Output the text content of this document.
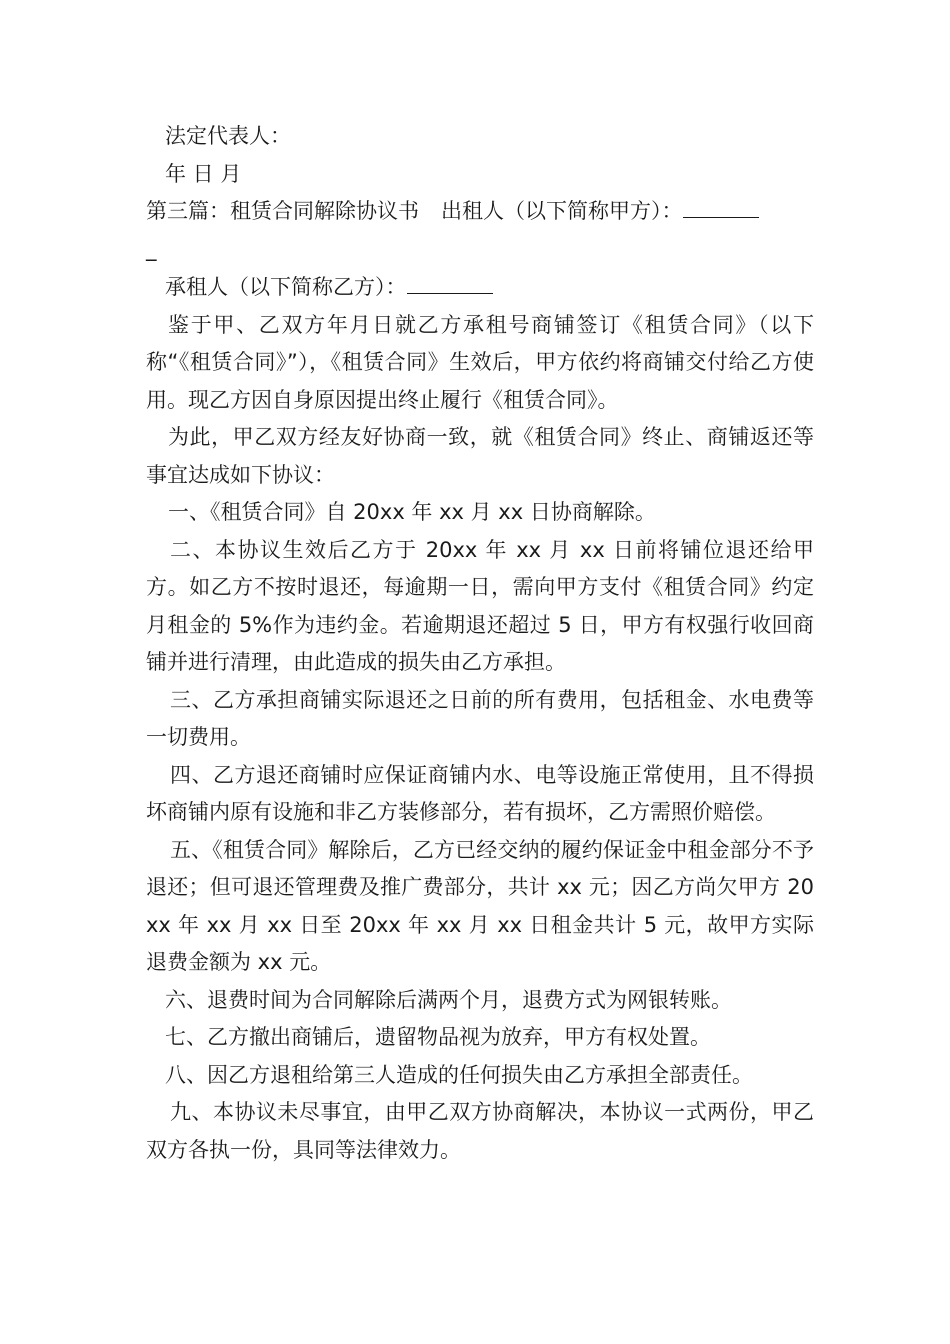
法定代表人：

年 日 月

第三篇：租赁合同解除协议书 出租人（以下简称甲方）：

_

承租人（以下简称乙方）：

鉴于甲、乙双方年月日就乙方承租号商铺签订《租赁合同》（以下称“《租赁合同》”），《租赁合同》生效后，甲方依约将商铺交付给乙方使用。现乙方因自身原因提出终止履行《租赁合同》。

为此，甲乙双方经友好协商一致，就《租赁合同》终止、商铺返还等事宜达成如下协议：

一、《租赁合同》自 20xx 年 xx 月 xx 日协商解除。

二、本协议生效后乙方于 20xx 年 xx 月 xx 日前将铺位退还给甲方。如乙方不按时退还，每逾期一日，需向甲方支付《租赁合同》约定月租金的 5%作为违约金。若逾期退还超过 5 日，甲方有权强行收回商铺并进行清理，由此造成的损失由乙方承担。

三、乙方承担商铺实际退还之日前的所有费用，包括租金、水电费等一切费用。

四、乙方退还商铺时应保证商铺内水、电等设施正常使用，且不得损坏商铺内原有设施和非乙方装修部分，若有损坏，乙方需照价赔偿。

五、《租赁合同》解除后，乙方已经交纳的履约保证金中租金部分不予退还；但可退还管理费及推广费部分，共计 xx 元；因乙方尚欠甲方 20xx 年 xx 月 xx 日至 20xx 年 xx 月 xx 日租金共计 5 元，故甲方实际退费金额为 xx 元。

六、退费时间为合同解除后满两个月，退费方式为网银转账。

七、乙方撤出商铺后，遗留物品视为放弃，甲方有权处置。

八、因乙方退租给第三人造成的任何损失由乙方承担全部责任。

九、本协议未尽事宜，由甲乙双方协商解决，本协议一式两份，甲乙双方各执一份，具同等法律效力。
